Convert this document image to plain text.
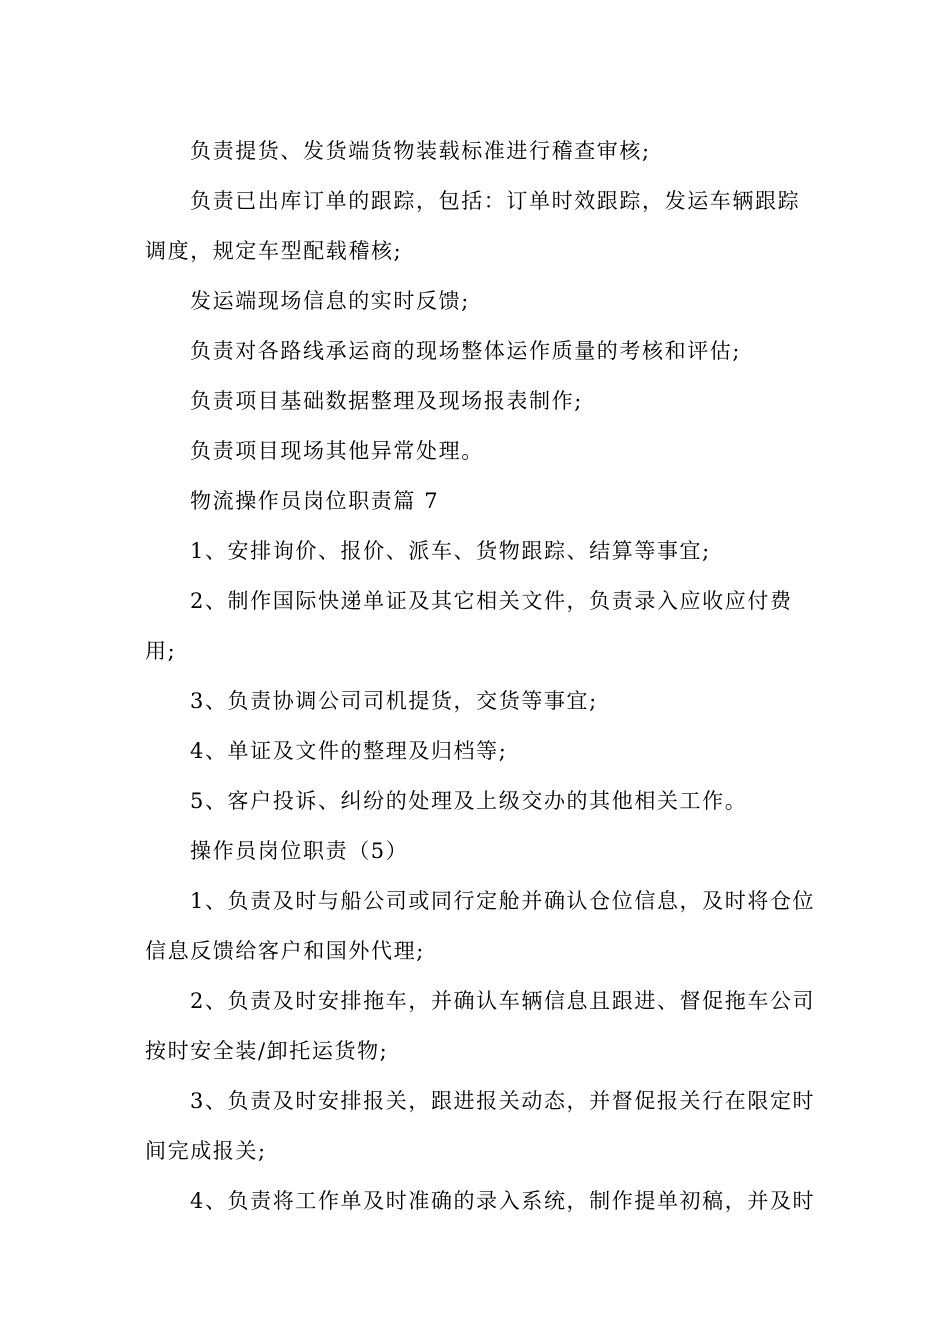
负责提货、发货端货物装载标准进行稽查审核;

负责已出库订单的跟踪，包括：订单时效跟踪，发运车辆跟踪

调度，规定车型配载稽核;

发运端现场信息的实时反馈;

负责对各路线承运商的现场整体运作质量的考核和评估;

负责项目基础数据整理及现场报表制作;

负责项目现场其他异常处理。

物流操作员岗位职责篇 7

1、安排询价、报价、派车、货物跟踪、结算等事宜;

2、制作国际快递单证及其它相关文件，负责录入应收应付费

用;

3、负责协调公司司机提货，交货等事宜;

4、单证及文件的整理及归档等;

5、客户投诉、纠纷的处理及上级交办的其他相关工作。

操作员岗位职责（5）

1、负责及时与船公司或同行定舱并确认仓位信息，及时将仓位

信息反馈给客户和国外代理;

2、负责及时安排拖车，并确认车辆信息且跟进、督促拖车公司

按时安全装/卸托运货物;

3、负责及时安排报关，跟进报关动态，并督促报关行在限定时

间完成报关;

4、负责将工作单及时准确的录入系统，制作提单初稿，并及时
